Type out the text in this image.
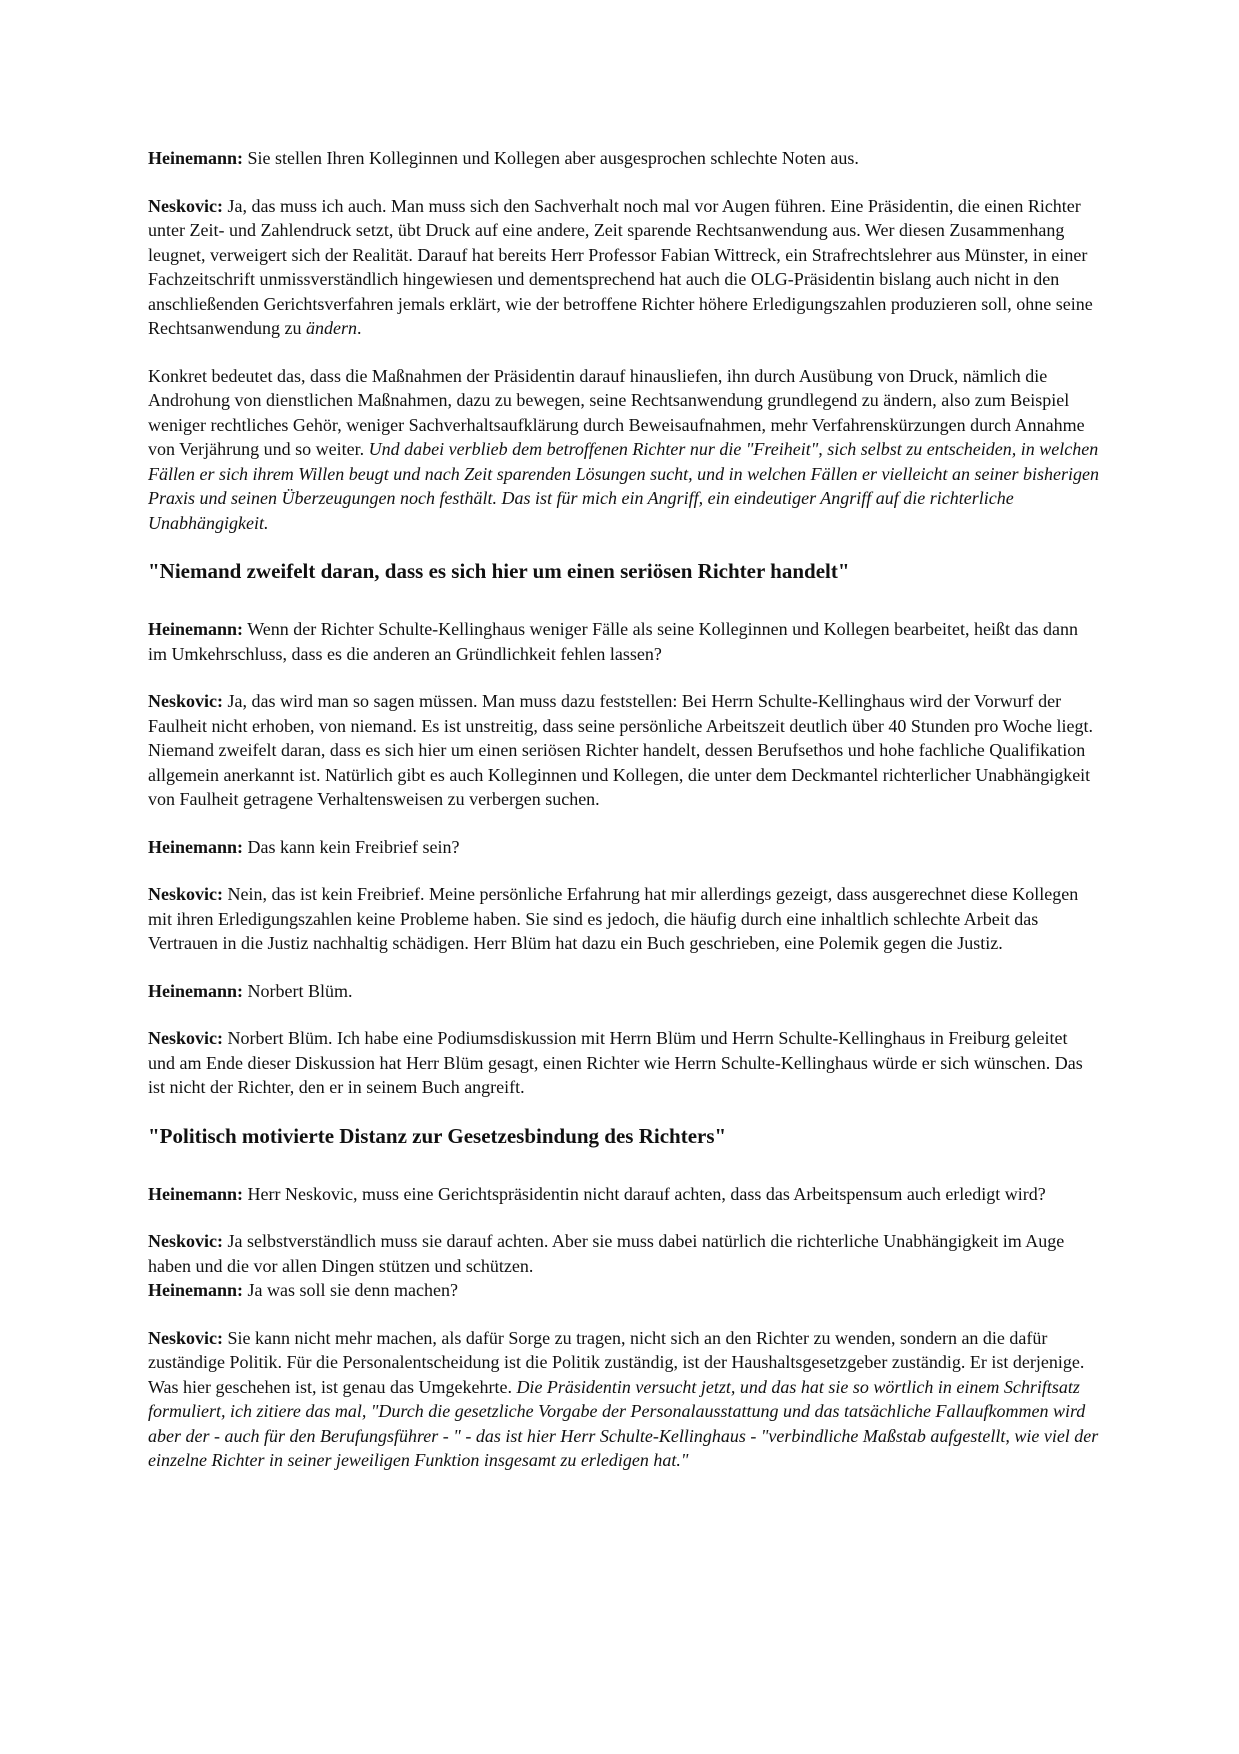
Heinemann: Sie stellen Ihren Kolleginnen und Kollegen aber ausgesprochen schlechte Noten aus.

Neskovic: Ja, das muss ich auch. Man muss sich den Sachverhalt noch mal vor Augen führen. Eine Präsidentin, die einen Richter unter Zeit- und Zahlendruck setzt, übt Druck auf eine andere, Zeit sparende Rechtsanwendung aus. Wer diesen Zusammenhang leugnet, verweigert sich der Realität. Darauf hat bereits Herr Professor Fabian Wittreck, ein Strafrechtslehrer aus Münster, in einer Fachzeitschrift unmissverständlich hingewiesen und dementsprechend hat auch die OLG-Präsidentin bislang auch nicht in den anschließenden Gerichtsverfahren jemals erklärt, wie der betroffene Richter höhere Erledigungszahlen produzieren soll, ohne seine Rechtsanwendung zu ändern.

Konkret bedeutet das, dass die Maßnahmen der Präsidentin darauf hinausliefen, ihn durch Ausübung von Druck, nämlich die Androhung von dienstlichen Maßnahmen, dazu zu bewegen, seine Rechtsanwendung grundlegend zu ändern, also zum Beispiel weniger rechtliches Gehör, weniger Sachverhaltsaufklärung durch Beweisaufnahmen, mehr Verfahrenskürzungen durch Annahme von Verjährung und so weiter. Und dabei verblieb dem betroffenen Richter nur die "Freiheit", sich selbst zu entscheiden, in welchen Fällen er sich ihrem Willen beugt und nach Zeit sparenden Lösungen sucht, und in welchen Fällen er vielleicht an seiner bisherigen Praxis und seinen Überzeugungen noch festhält. Das ist für mich ein Angriff, ein eindeutiger Angriff auf die richterliche Unabhängigkeit.

"Niemand zweifelt daran, dass es sich hier um einen seriösen Richter handelt"

Heinemann: Wenn der Richter Schulte-Kellinghaus weniger Fälle als seine Kolleginnen und Kollegen bearbeitet, heißt das dann im Umkehrschluss, dass es die anderen an Gründlichkeit fehlen lassen?

Neskovic: Ja, das wird man so sagen müssen. Man muss dazu feststellen: Bei Herrn Schulte-Kellinghaus wird der Vorwurf der Faulheit nicht erhoben, von niemand. Es ist unstreitig, dass seine persönliche Arbeitszeit deutlich über 40 Stunden pro Woche liegt. Niemand zweifelt daran, dass es sich hier um einen seriösen Richter handelt, dessen Berufsethos und hohe fachliche Qualifikation allgemein anerkannt ist. Natürlich gibt es auch Kolleginnen und Kollegen, die unter dem Deckmantel richterlicher Unabhängigkeit von Faulheit getragene Verhaltensweisen zu verbergen suchen.

Heinemann: Das kann kein Freibrief sein?

Neskovic: Nein, das ist kein Freibrief. Meine persönliche Erfahrung hat mir allerdings gezeigt, dass ausgerechnet diese Kollegen mit ihren Erledigungszahlen keine Probleme haben. Sie sind es jedoch, die häufig durch eine inhaltlich schlechte Arbeit das Vertrauen in die Justiz nachhaltig schädigen. Herr Blüm hat dazu ein Buch geschrieben, eine Polemik gegen die Justiz.

Heinemann: Norbert Blüm.

Neskovic: Norbert Blüm. Ich habe eine Podiumsdiskussion mit Herrn Blüm und Herrn Schulte-Kellinghaus in Freiburg geleitet und am Ende dieser Diskussion hat Herr Blüm gesagt, einen Richter wie Herrn Schulte-Kellinghaus würde er sich wünschen. Das ist nicht der Richter, den er in seinem Buch angreift.

"Politisch motivierte Distanz zur Gesetzesbindung des Richters"

Heinemann: Herr Neskovic, muss eine Gerichtspräsidentin nicht darauf achten, dass das Arbeitspensum auch erledigt wird?

Neskovic: Ja selbstverständlich muss sie darauf achten. Aber sie muss dabei natürlich die richterliche Unabhängigkeit im Auge haben und die vor allen Dingen stützen und schützen.

Heinemann: Ja was soll sie denn machen?

Neskovic: Sie kann nicht mehr machen, als dafür Sorge zu tragen, nicht sich an den Richter zu wenden, sondern an die dafür zuständige Politik. Für die Personalentscheidung ist die Politik zuständig, ist der Haushaltsgesetzgeber zuständig. Er ist derjenige. Was hier geschehen ist, ist genau das Umgekehrte. Die Präsidentin versucht jetzt, und das hat sie so wörtlich in einem Schriftsatz formuliert, ich zitiere das mal, "Durch die gesetzliche Vorgabe der Personalausstattung und das tatsächliche Fallaufkommen wird aber der - auch für den Berufungsführer - " - das ist hier Herr Schulte-Kellinghaus - "verbindliche Maßstab aufgestellt, wie viel der einzelne Richter in seiner jeweiligen Funktion insgesamt zu erledigen hat."
